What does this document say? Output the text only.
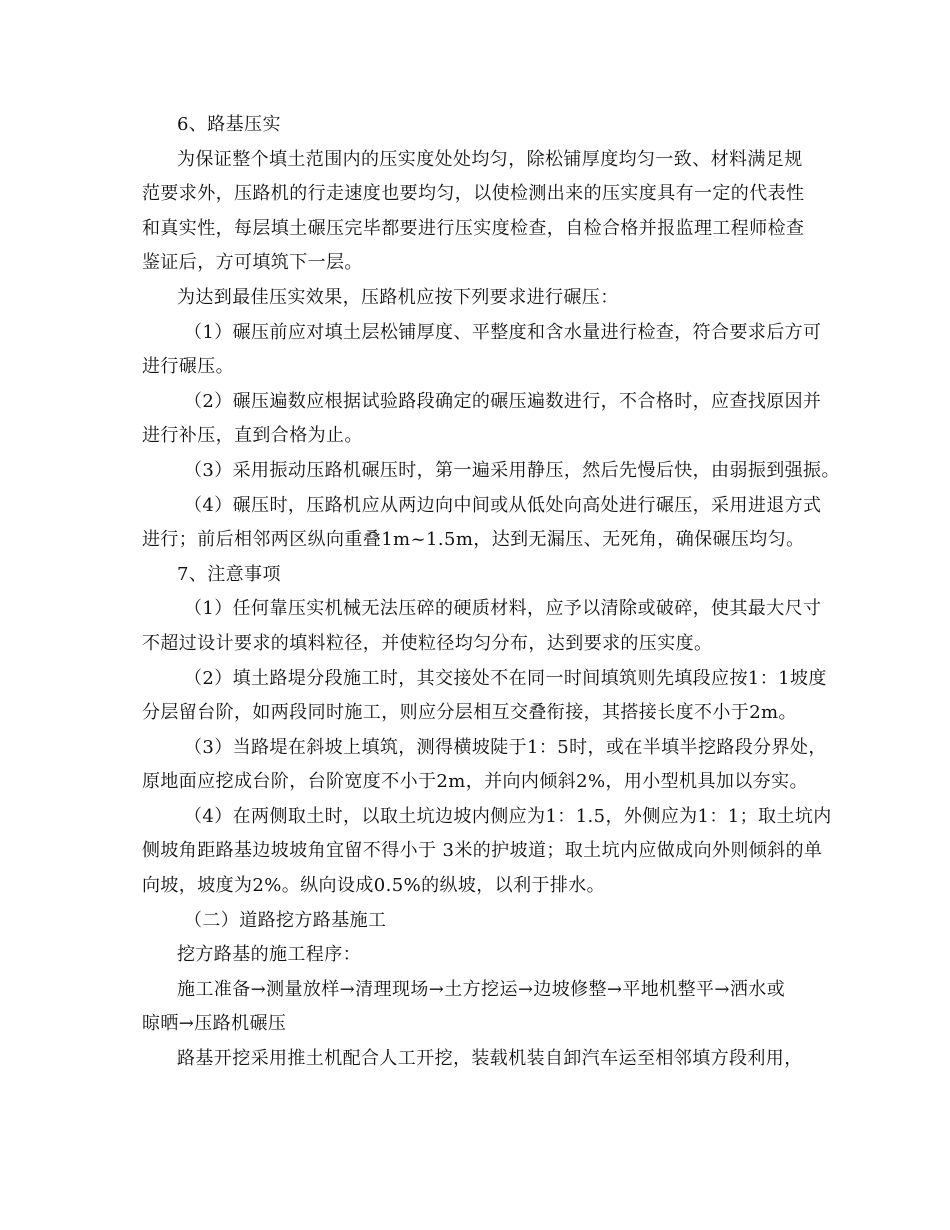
6、路基压实
为保证整个填土范围内的压实度处处均匀，除松铺厚度均匀一致、材料满足规
范要求外，压路机的行走速度也要均匀，以使检测出来的压实度具有一定的代表性
和真实性，每层填土碾压完毕都要进行压实度检查，自检合格并报监理工程师检查
鉴证后，方可填筑下一层。
为达到最佳压实效果，压路机应按下列要求进行碾压：
（1）碾压前应对填土层松铺厚度、平整度和含水量进行检查，符合要求后方可
进行碾压。
（2）碾压遍数应根据试验路段确定的碾压遍数进行，不合格时，应查找原因并
进行补压，直到合格为止。
（3）采用振动压路机碾压时，第一遍采用静压，然后先慢后快，由弱振到强振。
（4）碾压时，压路机应从两边向中间或从低处向高处进行碾压，采用进退方式
进行；前后相邻两区纵向重叠1m~1.5m，达到无漏压、无死角，确保碾压均匀。
7、注意事项
（1）任何靠压实机械无法压碎的硬质材料，应予以清除或破碎，使其最大尺寸
不超过设计要求的填料粒径，并使粒径均匀分布，达到要求的压实度。
（2）填土路堤分段施工时，其交接处不在同一时间填筑则先填段应按1：1坡度
分层留台阶，如两段同时施工，则应分层相互交叠衔接，其搭接长度不小于2m。
（3）当路堤在斜坡上填筑，测得横坡陡于1：5时，或在半填半挖路段分界处，
原地面应挖成台阶，台阶宽度不小于2m，并向内倾斜2%，用小型机具加以夯实。
（4）在两侧取土时，以取土坑边坡内侧应为1：1.5，外侧应为1：1；取土坑内
侧坡角距路基边坡坡角宜留不得小于 3米的护坡道；取土坑内应做成向外则倾斜的单
向坡，坡度为2%。纵向设成0.5%的纵坡，以利于排水。
（二）道路挖方路基施工
挖方路基的施工程序：
施工准备→测量放样→清理现场→土方挖运→边坡修整→平地机整平→洒水或
晾晒→压路机碾压
路基开挖采用推土机配合人工开挖，装载机装自卸汽车运至相邻填方段利用，
